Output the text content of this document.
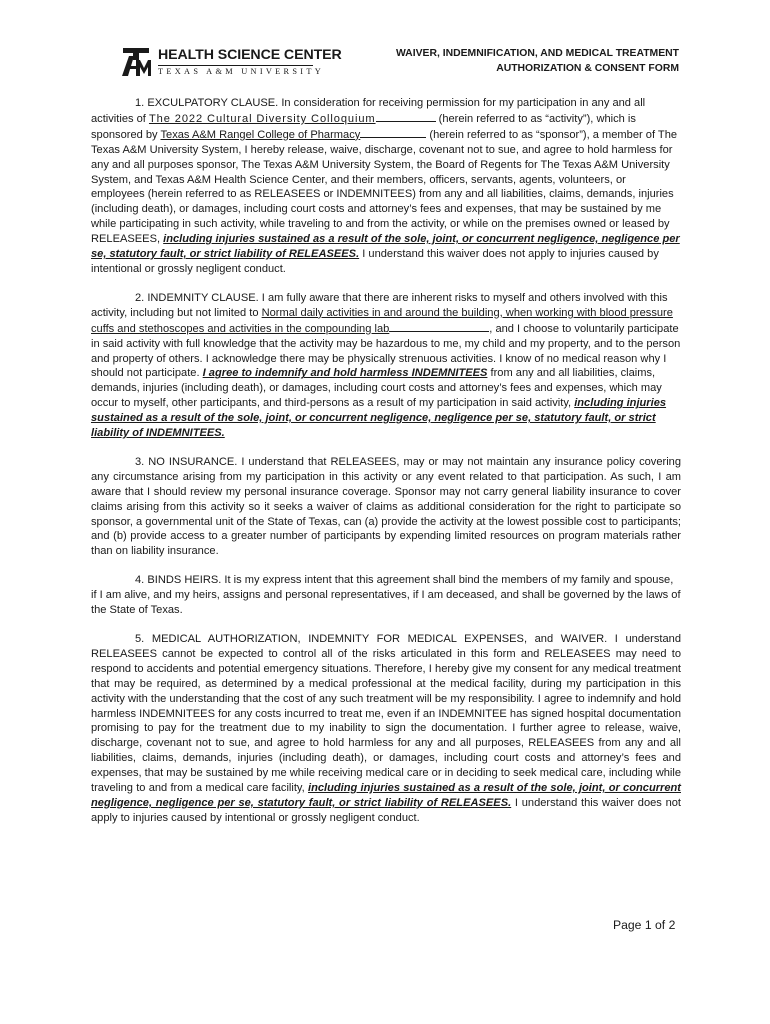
HEALTH SCIENCE CENTER
TEXAS A&M UNIVERSITY
WAIVER, INDEMNIFICATION, AND MEDICAL TREATMENT
AUTHORIZATION & CONSENT FORM

1. EXCULPATORY CLAUSE. In consideration for receiving permission for my participation in any and all activities of The 2022 Cultural Diversity Colloquium	(herein referred to as “activity”), which is sponsored by Texas A&M Rangel College of Pharmacy	(herein referred to as “sponsor”), a member of The Texas A&M University System, I hereby release, waive, discharge, covenant not to sue, and agree to hold harmless for any and all purposes sponsor, The Texas A&M University System, the Board of Regents for The Texas A&M University System, and Texas A&M Health Science Center, and their members, officers, servants, agents, volunteers, or employees (herein referred to as RELEASEES or INDEMNITEES) from any and all liabilities, claims, demands, injuries (including death), or damages, including court costs and attorney’s fees and expenses, that may be sustained by me while participating in such activity, while traveling to and from the activity, or while on the premises owned or leased by RELEASEES, including injuries sustained as a result of the sole, joint, or concurrent negligence, negligence per se, statutory fault, or strict liability of RELEASEES. I understand this waiver does not apply to injuries caused by intentional or grossly negligent conduct.

2. INDEMNITY CLAUSE. I am fully aware that there are inherent risks to myself and others involved with this activity, including but not limited to Normal daily activities in and around the building, when working with blood pressure cuffs and stethoscopes and activities in the compounding lab	, and I choose to voluntarily participate in said activity with full knowledge that the activity may be hazardous to me, my child and my property, and to the person and property of others. I acknowledge there may be physically strenuous activities. I know of no medical reason why I should not participate. I agree to indemnify and hold harmless INDEMNITEES from any and all liabilities, claims, demands, injuries (including death), or damages, including court costs and attorney’s fees and expenses, which may occur to myself, other participants, and third-persons as a result of my participation in said activity, including injuries sustained as a result of the sole, joint, or concurrent negligence, negligence per se, statutory fault, or strict liability of INDEMNITEES.

3. NO INSURANCE. I understand that RELEASEES, may or may not maintain any insurance policy covering any circumstance arising from my participation in this activity or any event related to that participation. As such, I am aware that I should review my personal insurance coverage. Sponsor may not carry general liability insurance to cover claims arising from this activity so it seeks a waiver of claims as additional consideration for the right to participate so sponsor, a governmental unit of the State of Texas, can (a) provide the activity at the lowest possible cost to participants; and (b) provide access to a greater number of participants by expending limited resources on program materials rather than on liability insurance.

4. BINDS HEIRS. It is my express intent that this agreement shall bind the members of my family and spouse, if I am alive, and my heirs, assigns and personal representatives, if I am deceased, and shall be governed by the laws of the State of Texas.

5. MEDICAL AUTHORIZATION, INDEMNITY FOR MEDICAL EXPENSES, and WAIVER. I understand RELEASEES cannot be expected to control all of the risks articulated in this form and RELEASEES may need to respond to accidents and potential emergency situations. Therefore, I hereby give my consent for any medical treatment that may be required, as determined by a medical professional at the medical facility, during my participation in this activity with the understanding that the cost of any such treatment will be my responsibility. I agree to indemnify and hold harmless INDEMNITEES for any costs incurred to treat me, even if an INDEMNITEE has signed hospital documentation promising to pay for the treatment due to my inability to sign the documentation. I further agree to release, waive, discharge, covenant not to sue, and agree to hold harmless for any and all purposes, RELEASEES from any and all liabilities, claims, demands, injuries (including death), or damages, including court costs and attorney’s fees and expenses, that may be sustained by me while receiving medical care or in deciding to seek medical care, including while traveling to and from a medical care facility, including injuries sustained as a result of the sole, joint, or concurrent negligence, negligence per se, statutory fault, or strict liability of RELEASEES. I understand this waiver does not apply to injuries caused by intentional or grossly negligent conduct.

Page 1 of 2
